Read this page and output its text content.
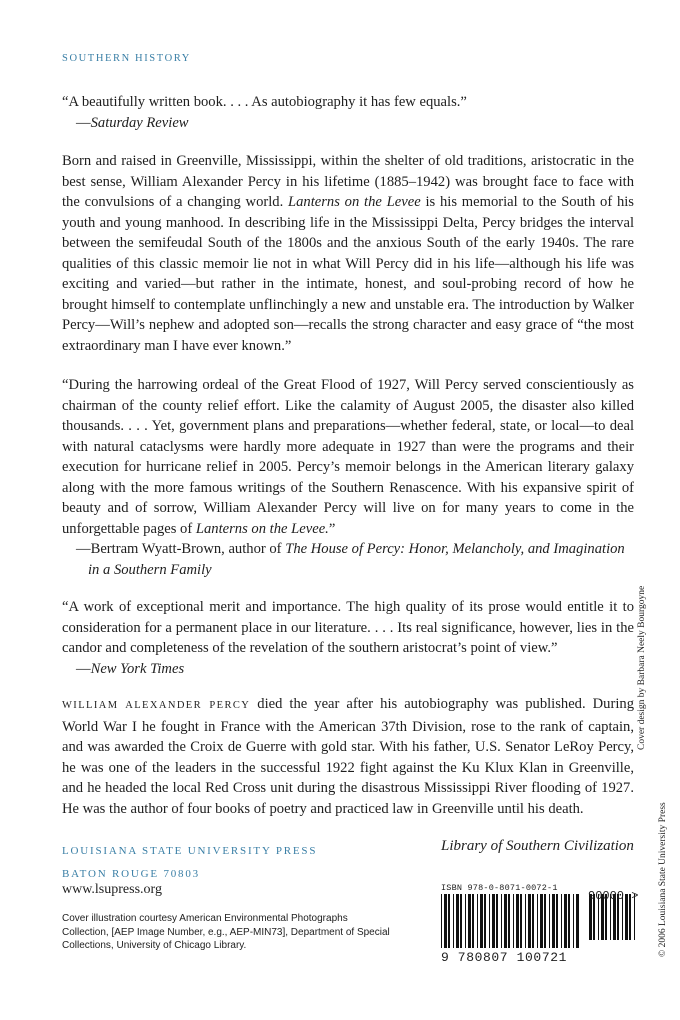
SOUTHERN HISTORY

“A beautifully written book. . . . As autobiography it has few equals.”

—Saturday Review

Born and raised in Greenville, Mississippi, within the shelter of old traditions, aristocratic in the best sense, William Alexander Percy in his lifetime (1885–1942) was brought face to face with the convulsions of a changing world. Lanterns on the Levee is his memorial to the South of his youth and young manhood. In describing life in the Mississippi Delta, Percy bridges the interval between the semifeudal South of the 1800s and the anxious South of the early 1940s. The rare qualities of this classic memoir lie not in what Will Percy did in his life—although his life was exciting and varied—but rather in the intimate, honest, and soul-probing record of how he brought himself to contemplate unflinchingly a new and unstable era. The introduction by Walker Percy—Will’s nephew and adopted son—recalls the strong character and easy grace of “the most extraordinary man I have ever known.”

“During the harrowing ordeal of the Great Flood of 1927, Will Percy served conscientiously as chairman of the county relief effort. Like the calamity of August 2005, the disaster also killed thousands. . . . Yet, government plans and preparations—whether federal, state, or local—to deal with natural cataclysms were hardly more adequate in 1927 than were the programs and their execution for hurricane relief in 2005. Percy’s memoir belongs in the American literary galaxy along with the more famous writings of the Southern Renascence. With his expansive spirit of beauty and of sorrow, William Alexander Percy will live on for many years to come in the unforgettable pages of Lanterns on the Levee.”

—Bertram Wyatt-Brown, author of The House of Percy: Honor, Melancholy, and Imagination
in a Southern Family

“A work of exceptional merit and importance. The high quality of its prose would entitle it to consideration for a permanent place in our literature. . . . Its real significance, however, lies in the candor and completeness of the revelation of the southern aristocrat’s point of view.”

—New York Times

WILLIAM ALEXANDER PERCY died the year after his autobiography was published. During World War I he fought in France with the American 37th Division, rose to the rank of captain, and was awarded the Croix de Guerre with gold star. With his father, U.S. Senator LeRoy Percy, he was one of the leaders in the successful 1922 fight against the Ku Klux Klan in Greenville, and he headed the local Red Cross unit during the disastrous Mississippi River flooding of 1927. He was the author of four books of poetry and practiced law in Greenville until his death.

LOUISIANA STATE UNIVERSITY PRESS
BATON ROUGE 70803
www.lsupress.org
Library of Southern Civilization
Cover illustration courtesy American Environmental Photographs Collection, [AEP Image Number, e.g., AEP-MIN73], Department of Special Collections, University of Chicago Library.
ISBN 978-0-8071-0072-1
9 780807 100721
90000 >
Cover design by Barbara Neely Bourgoyne
© 2006 Louisiana State University Press
